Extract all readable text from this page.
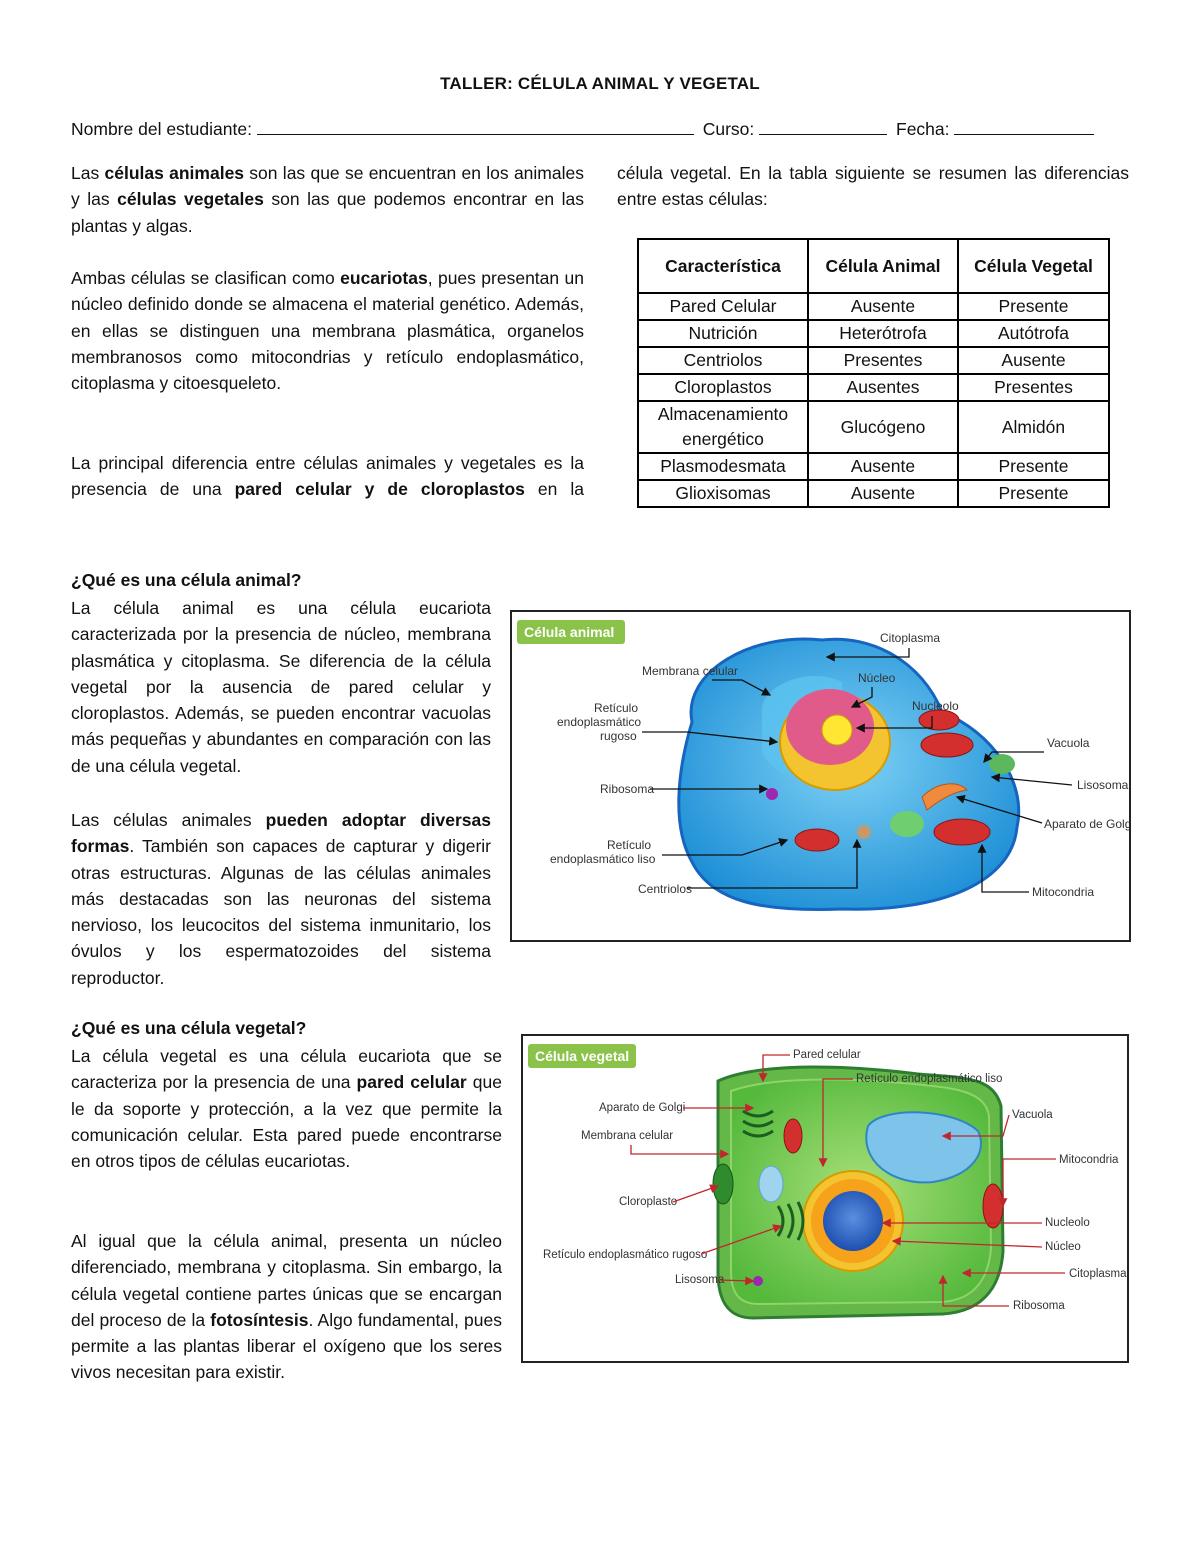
TALLER: CÉLULA ANIMAL Y VEGETAL
Nombre del estudiante:	Curso:	Fecha:
Las células animales son las que se encuentran en los animales y las células vegetales son las que podemos encontrar en las plantas y algas.
Ambas células se clasifican como eucariotas, pues presentan un núcleo definido donde se almacena el material genético. Además, en ellas se distinguen una membrana plasmática, organelos membranosos como mitocondrias y retículo endoplasmático, citoplasma y citoesqueleto.
La principal diferencia entre células animales y vegetales es la presencia de una pared celular y de cloroplastos en la
célula vegetal. En la tabla siguiente se resumen las diferencias entre estas células:
Característica	Célula Animal	Célula Vegetal
Pared Celular	Ausente	Presente
Nutrición	Heterótrofa	Autótrofa
Centriolos	Presentes	Ausente
Cloroplastos	Ausentes	Presentes
Almacenamiento energético	Glucógeno	Almidón
Plasmodesmata	Ausente	Presente
Glioxisomas	Ausente	Presente
¿Qué es una célula animal?
La célula animal es una célula eucariota caracterizada por la presencia de núcleo, membrana plasmática y citoplasma. Se diferencia de la célula vegetal por la ausencia de pared celular y cloroplastos. Además, se pueden encontrar vacuolas más pequeñas y abundantes en comparación con las de una célula vegetal.
Las células animales pueden adoptar diversas formas. También son capaces de capturar y digerir otras estructuras. Algunas de las células animales más destacadas son las neuronas del sistema nervioso, los leucocitos del sistema inmunitario, los óvulos y los espermatozoides del sistema reproductor.
Célula animal	Citoplasma
Membrana celular	Núcleo
Nucleolo
Retículo
endoplasmático
rugoso	Vacuola
Lisosoma
Ribosoma
Aparato de Golgi
Retículo
endoplasmático liso
Centriolos	Mitocondria
¿Qué es una célula vegetal?
La célula vegetal es una célula eucariota que se caracteriza por la presencia de una pared celular que le da soporte y protección, a la vez que permite la comunicación celular. Esta pared puede encontrarse en otros tipos de células eucariotas.
Al igual que la célula animal, presenta un núcleo diferenciado, membrana y citoplasma. Sin embargo, la célula vegetal contiene partes únicas que se encargan del proceso de la fotosíntesis. Algo fundamental, pues permite a las plantas liberar el oxígeno que los seres vivos necesitan para existir.
Célula vegetal	Pared celular
Retículo endoplasmático liso
Aparato de Golgi
Vacuola
Membrana celular
Mitocondria
Cloroplasto
Nucleolo
Núcleo
Retículo endoplasmático rugoso
Citoplasma
Lisosoma
Ribosoma
